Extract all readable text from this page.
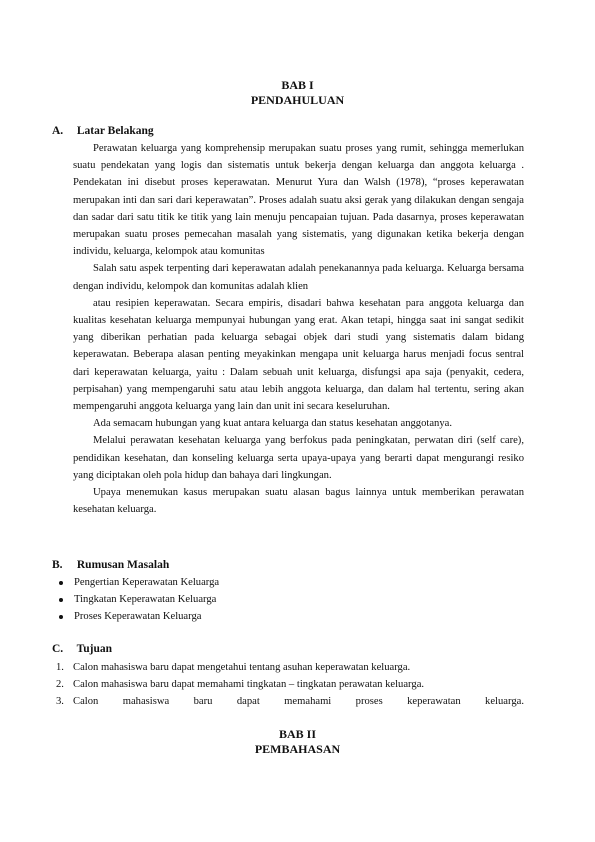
BAB I
PENDAHULUAN
A. Latar Belakang

Perawatan keluarga yang komprehensip merupakan suatu proses yang rumit, sehingga memerlukan suatu pendekatan yang logis dan sistematis untuk bekerja dengan keluarga dan anggota keluarga . Pendekatan ini disebut proses keperawatan. Menurut Yura dan Walsh (1978), “proses keperawatan merupakan inti dan sari dari keperawatan”. Proses adalah suatu aksi gerak yang dilakukan dengan sengaja dan sadar dari satu titik ke titik yang lain menuju pencapaian tujuan. Pada dasarnya, proses keperawatan merupakan suatu proses pemecahan masalah yang sistematis, yang digunakan ketika bekerja dengan individu, keluarga, kelompok atau komunitas

Salah satu aspek terpenting dari keperawatan adalah penekanannya pada keluarga. Keluarga bersama dengan individu, kelompok dan komunitas adalah klien

atau resipien keperawatan. Secara empiris, disadari bahwa kesehatan para anggota keluarga dan kualitas kesehatan keluarga mempunyai hubungan yang erat. Akan tetapi, hingga saat ini sangat sedikit yang diberikan perhatian pada keluarga sebagai objek dari studi yang sistematis dalam bidang keperawatan. Beberapa alasan penting meyakinkan mengapa unit keluarga harus menjadi focus sentral dari keperawatan keluarga, yaitu : Dalam sebuah unit keluarga, disfungsi apa saja (penyakit, cedera, perpisahan) yang mempengaruhi satu atau lebih anggota keluarga, dan dalam hal tertentu, sering akan mempengaruhi anggota keluarga yang lain dan unit ini secara keseluruhan.

Ada semacam hubungan yang kuat antara keluarga dan status kesehatan anggotanya.

Melalui perawatan kesehatan keluarga yang berfokus pada peningkatan, perwatan diri (self care), pendidikan kesehatan, dan konseling keluarga serta upaya-upaya yang berarti dapat mengurangi resiko yang diciptakan oleh pola hidup dan bahaya dari lingkungan.

Upaya menemukan kasus merupakan suatu alasan bagus lainnya untuk memberikan perawatan kesehatan keluarga.

B. Rumusan Masalah
Pengertian Keperawatan Keluarga
Tingkatan Keperawatan Keluarga
Proses Keperawatan Keluarga
C. Tujuan
1. Calon mahasiswa baru dapat mengetahui tentang asuhan keperawatan keluarga.
2. Calon mahasiswa baru dapat memahami tingkatan – tingkatan perawatan keluarga.
3. Calon mahasiswa baru dapat memahami proses keperawatan keluarga.
BAB II
PEMBAHASAN
